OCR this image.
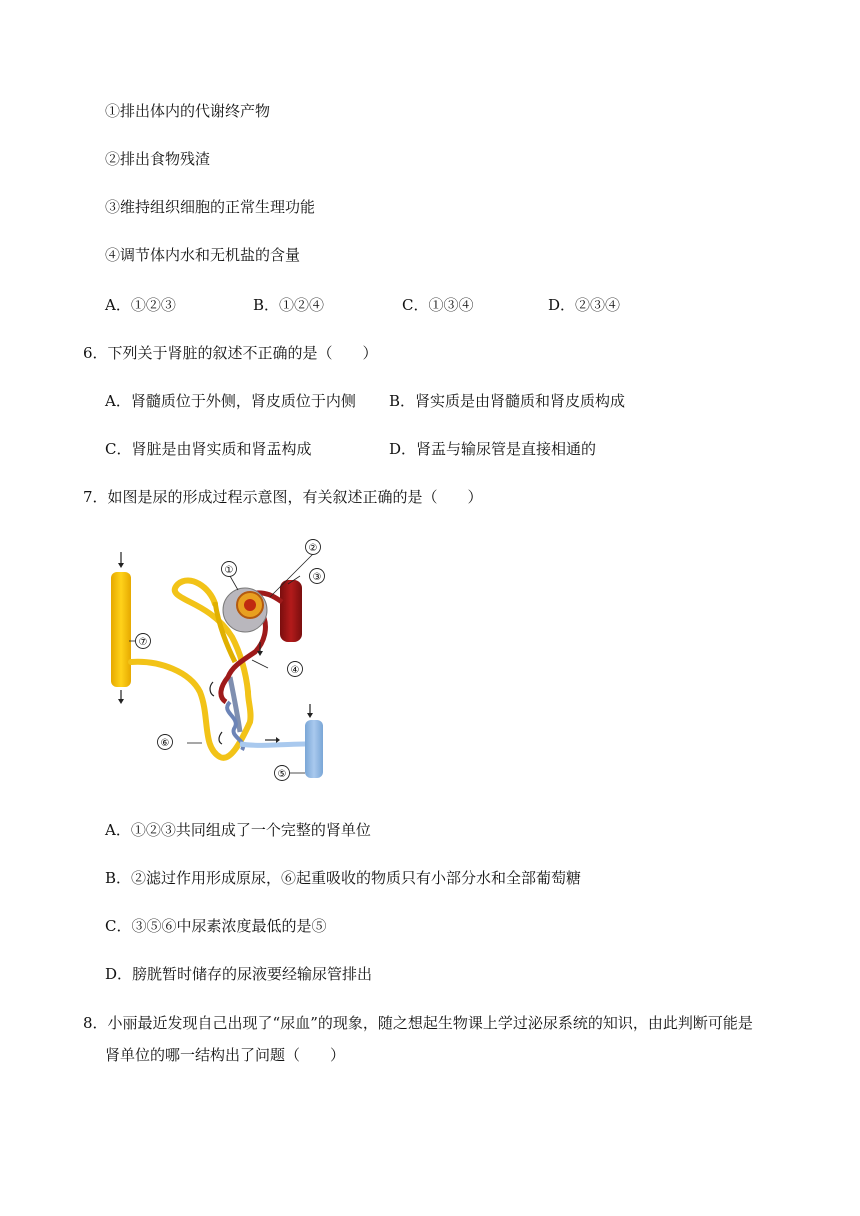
①排出体内的代谢终产物
②排出食物残渣
③维持组织细胞的正常生理功能
④调节体内水和无机盐的含量
A．①②③	B．①②④	C．①③④	D．②③④
6．下列关于肾脏的叙述不正确的是（　　）
A．肾髓质位于外侧，肾皮质位于内侧 B．肾实质是由肾髓质和肾皮质构成
C．肾脏是由肾实质和肾盂构成	D．肾盂与输尿管是直接相通的
7．如图是尿的形成过程示意图，有关叙述正确的是（　　）
①
②
③
④
⑤
⑥
⑦
A．①②③共同组成了一个完整的肾单位
B．②滤过作用形成原尿，⑥起重吸收的物质只有小部分水和全部葡萄糖
C．③⑤⑥中尿素浓度最低的是⑤
D．膀胱暂时储存的尿液要经输尿管排出
8．小丽最近发现自己出现了“尿血”的现象，随之想起生物课上学过泌尿系统的知识，由此判断可能是
肾单位的哪一结构出了问题（　　）
